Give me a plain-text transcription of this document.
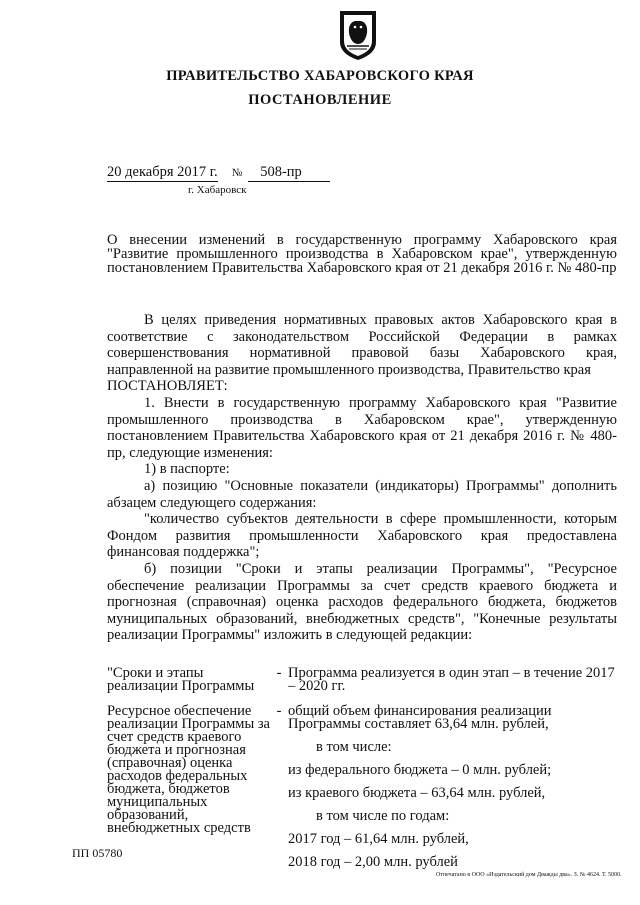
ПРАВИТЕЛЬСТВО ХАБАРОВСКОГО КРАЯ
ПОСТАНОВЛЕНИЕ
20 декабря 2017 г. № 508-пр
г. Хабаровск
О внесении изменений в государственную программу Хабаровского края "Развитие промышленного производства в Хабаровском крае", утвержденную постановлением Правительства Хабаровского края от 21 декабря 2016 г. № 480-пр

В целях приведения нормативных правовых актов Хабаровского края в соответствие с законодательством Российской Федерации в рамках совершенствования нормативной правовой базы Хабаровского края, направленной на развитие промышленного производства, Правительство края

ПОСТАНОВЛЯЕТ:

1. Внести в государственную программу Хабаровского края "Развитие промышленного производства в Хабаровском крае", утвержденную постановлением Правительства Хабаровского края от 21 декабря 2016 г. № 480-пр, следующие изменения:

1) в паспорте:

а) позицию "Основные показатели (индикаторы) Программы" дополнить абзацем следующего содержания:

"количество субъектов деятельности в сфере промышленности, которым Фондом развития промышленности Хабаровского края предоставлена финансовая поддержка";

б) позиции "Сроки и этапы реализации Программы", "Ресурсное обеспечение реализации Программы за счет средств краевого бюджета и прогнозная (справочная) оценка расходов федерального бюджета, бюджетов муниципальных образований, внебюджетных средств", "Конечные результаты реализации Программы" изложить в следующей редакции:

"Сроки и этапы реализации Программы
- Программа реализуется в один этап – в течение 2017 – 2020 гг.
Ресурсное обеспечение реализации Программы за счет средств краевого бюджета и прогнозная (справочная) оценка расходов федеральных бюджета, бюджетов муниципальных образований, внебюджетных средств
- общий объем финансирования реализации Программы составляет 63,64 млн. рублей,
в том числе:
из федерального бюджета – 0 млн. рублей;
из краевого бюджета – 63,64 млн. рублей,
в том числе по годам:
2017 год – 61,64 млн. рублей,
2018 год – 2,00 млн. рублей
ПП 05780
Отпечатано в ООО «Издательский дом Дважды два». З. № 4624. Т. 5000.
